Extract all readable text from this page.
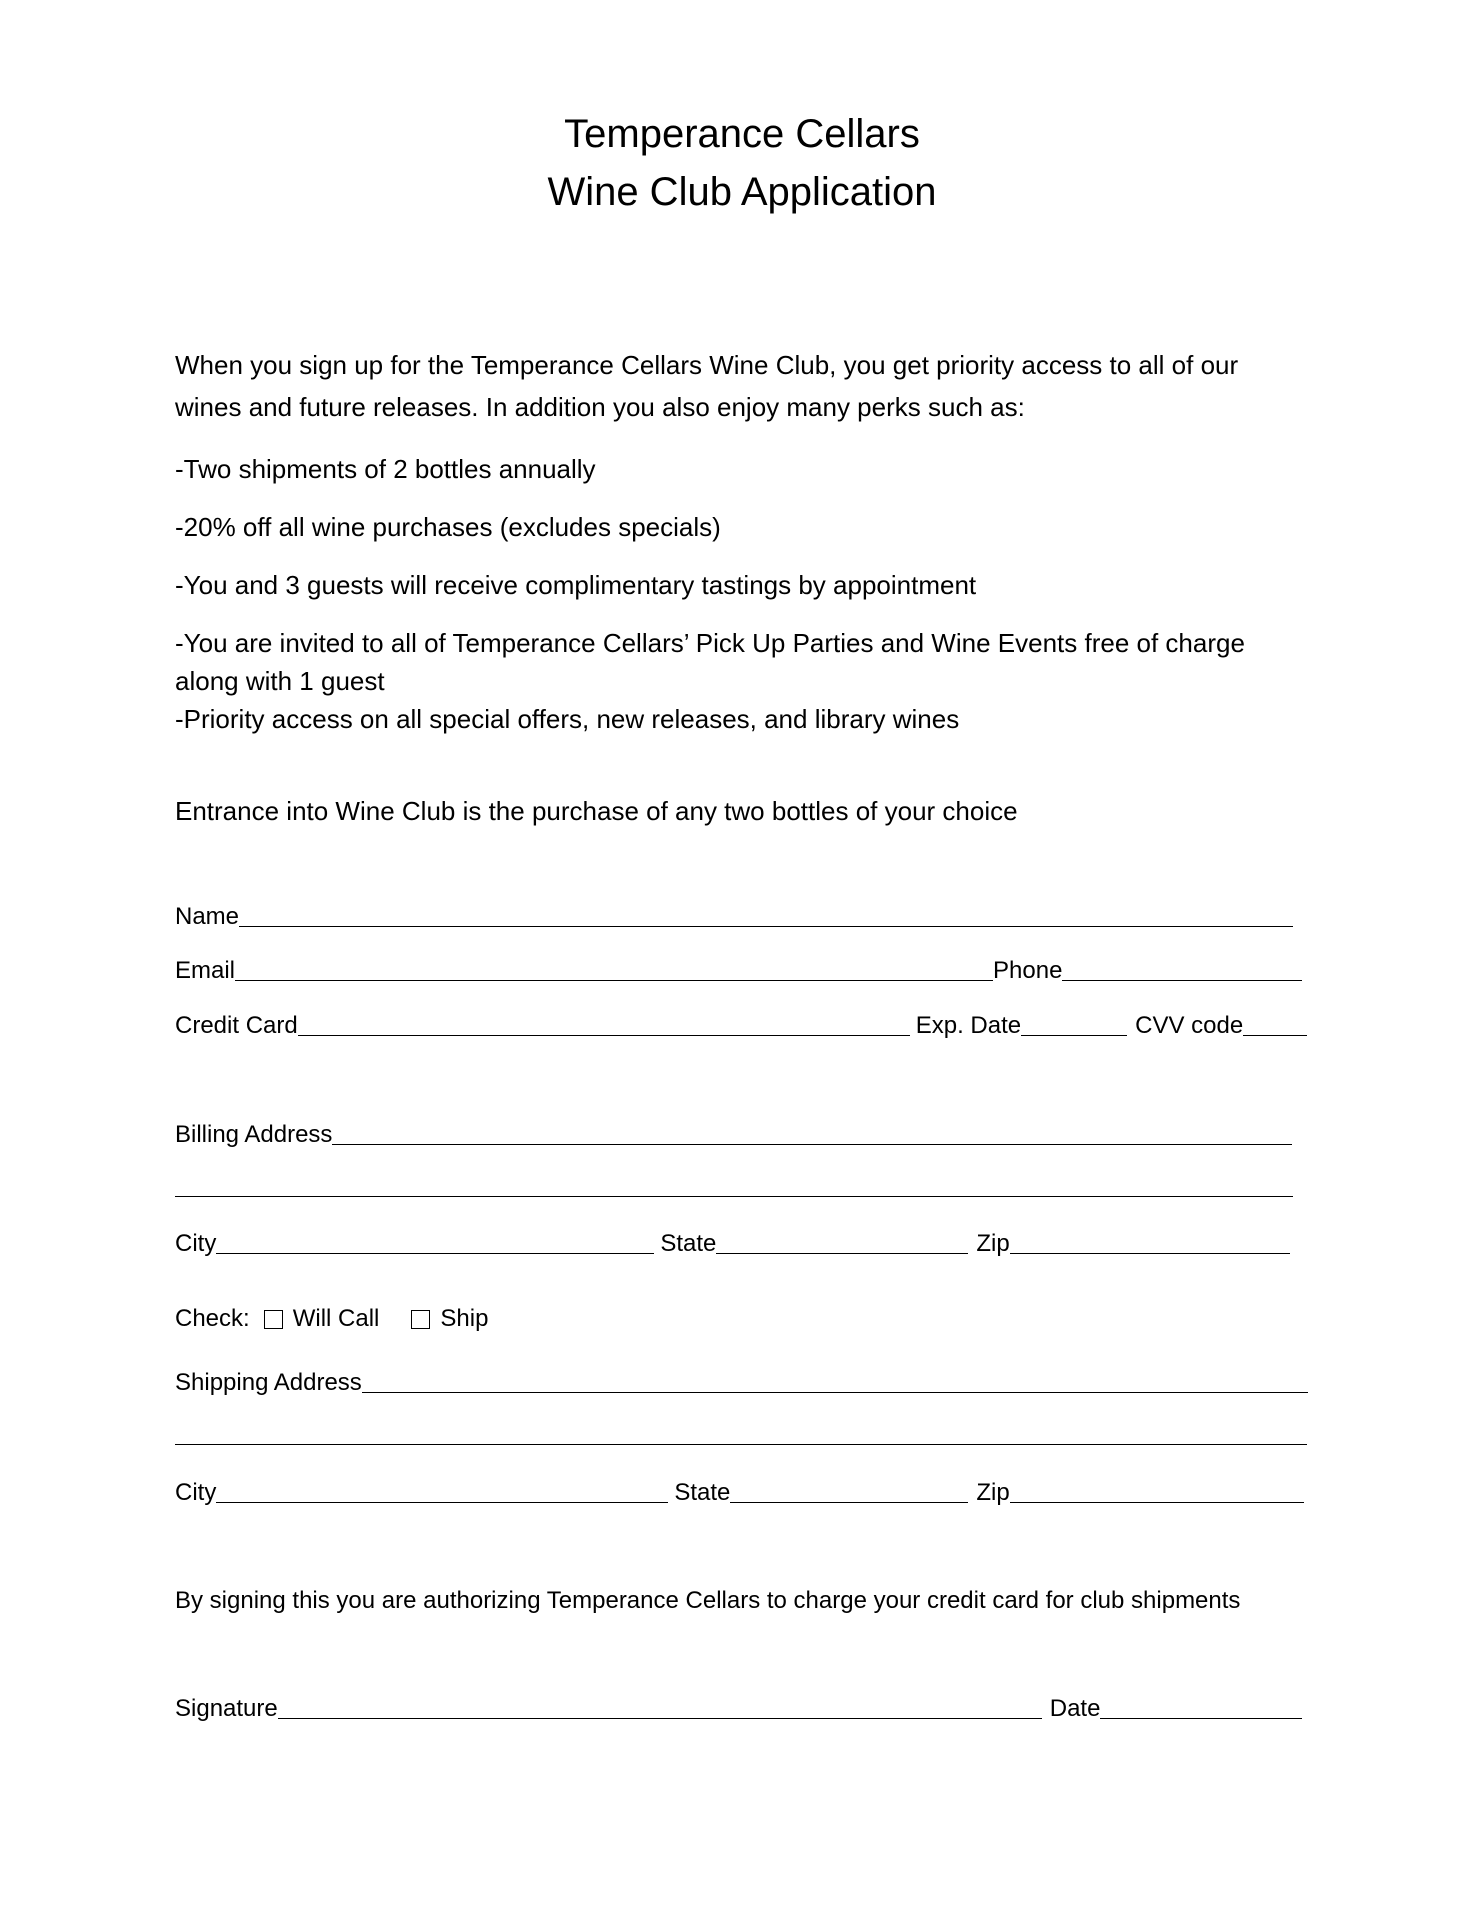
Temperance Cellars
Wine Club Application
When you sign up for the Temperance Cellars Wine Club, you get priority access to all of our
wines and future releases. In addition you also enjoy many perks such as:
-Two shipments of 2 bottles annually
-20% off all wine purchases (excludes specials)
-You and 3 guests will receive complimentary tastings by appointment
-You are invited to all of Temperance Cellars’ Pick Up Parties and Wine Events free of charge
along with 1 guest
-Priority access on all special offers, new releases, and library wines
Entrance into Wine Club is the purchase of any two bottles of your choice
Name
Email	Phone
Credit Card	Exp. Date	CVV code
Billing Address
City	State	Zip
Check: Will Call	Ship
Shipping Address
City	State	Zip
By signing this you are authorizing Temperance Cellars to charge your credit card for club shipments
Signature	Date
